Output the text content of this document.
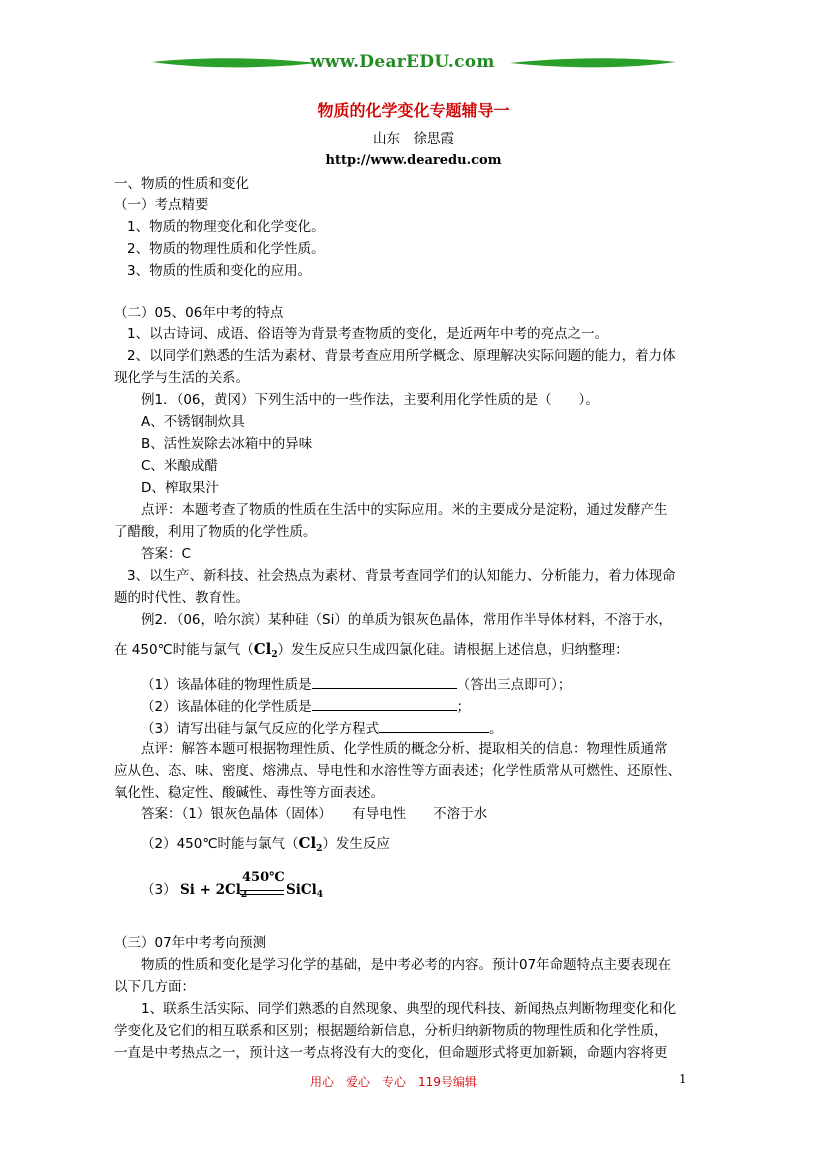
www.DearEDU.com
物质的化学变化专题辅导一
山东　徐思霞
http://www.dearedu.com
一、物质的性质和变化
（一）考点精要
1、物质的物理变化和化学变化。
2、物质的物理性质和化学性质。
3、物质的性质和变化的应用。
（二）05、06年中考的特点
1、以古诗词、成语、俗语等为背景考查物质的变化，是近两年中考的亮点之一。
2、以同学们熟悉的生活为素材、背景考查应用所学概念、原理解决实际问题的能力，着力体
现化学与生活的关系。
例1．（06，黄冈）下列生活中的一些作法，主要利用化学性质的是（　　）。
A、不锈钢制炊具
B、活性炭除去冰箱中的异味
C、米酿成醋
D、榨取果汁
点评：本题考查了物质的性质在生活中的实际应用。米的主要成分是淀粉，通过发酵产生
了醋酸，利用了物质的化学性质。
答案：C
3、以生产、新科技、社会热点为素材、背景考查同学们的认知能力、分析能力，着力体现命
题的时代性、教育性。
例2．（06，哈尔滨）某种硅（Si）的单质为银灰色晶体，常用作半导体材料，不溶于水，
在 450℃时能与氯气$(Cl_2)$发生反应只生成四氯化硅。请根据上述信息，归纳整理：
（1）该晶体硅的物理性质是	（答出三点即可）；
（2）该晶体硅的化学性质是	；
（3）请写出硅与氯气反应的化学方程式	。
点评：解答本题可根据物理性质、化学性质的概念分析、提取相关的信息：物理性质通常
应从色、态、味、密度、熔沸点、导电性和水溶性等方面表述；化学性质常从可燃性、还原性、
氧化性、稳定性、酸碱性、毒性等方面表述。
答案：（1）银灰色晶体（固体）　　有导电性　　不溶于水
（2）450℃时能与氯气$(Cl_2)$发生反应
（3） $Si + 2Cl_2$
450℃
SiCl$_4$
（三）07年中考考向预测
物质的性质和变化是学习化学的基础，是中考必考的内容。预计07年命题特点主要表现在
以下几方面：
1、联系生活实际、同学们熟悉的自然现象、典型的现代科技、新闻热点判断物理变化和化
学变化及它们的相互联系和区别；根据题给新信息，分析归纳新物质的物理性质和化学性质，
一直是中考热点之一，预计这一考点将没有大的变化，但命题形式将更加新颖，命题内容将更
用心　爱心　专心　119号编辑	1
